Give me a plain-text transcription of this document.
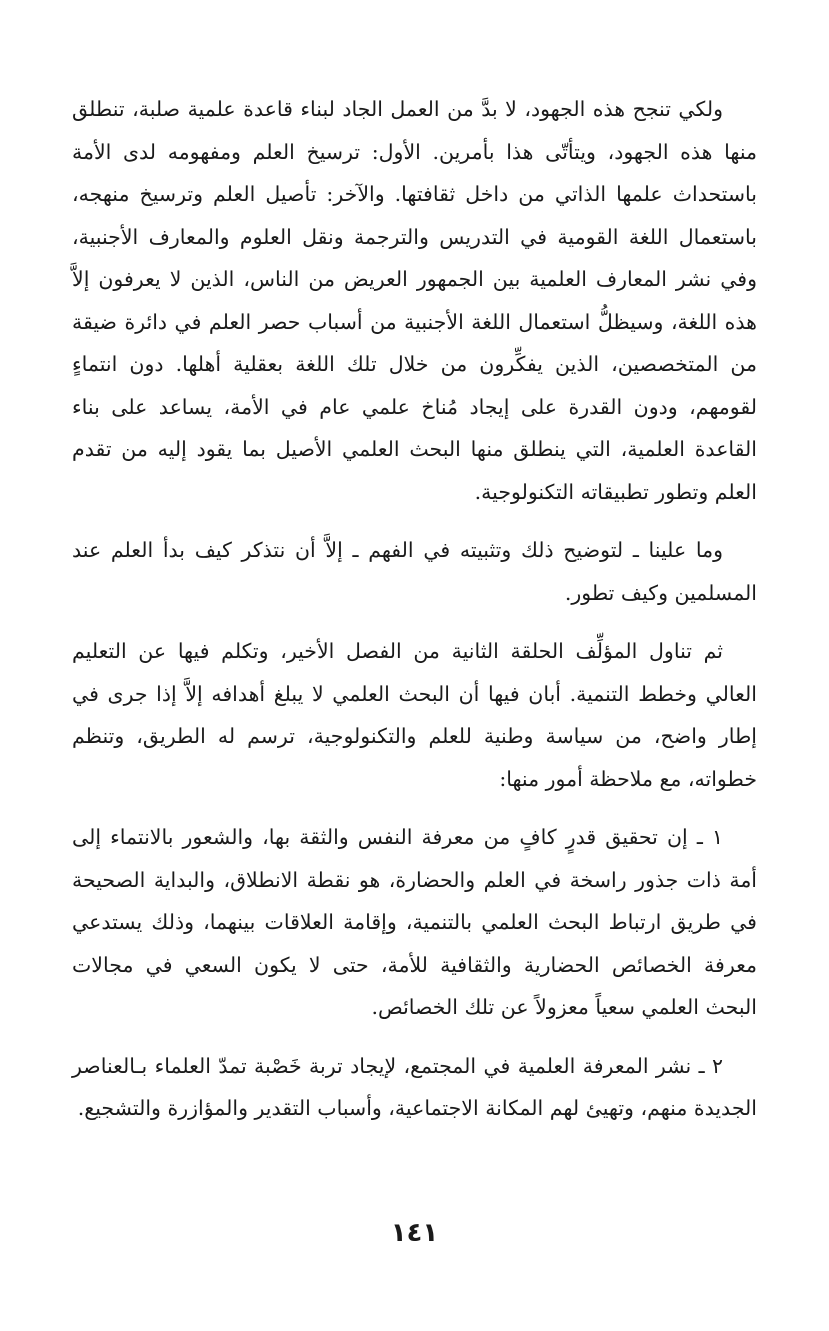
ولكي تنجح هذه الجهود، لا بدَّ من العمل الجاد لبناء قاعدة علمية صلبة، تنطلق منها هذه الجهود، ويتأتّى هذا بأمرين. الأول: ترسيخ العلم ومفهومه لدى الأمة باستحداث علمها الذاتي من داخل ثقافتها. والآخر: تأصيل العلم وترسيخ منهجه، باستعمال اللغة القومية في التدريس والترجمة ونقل العلوم والمعارف الأجنبية، وفي نشر المعارف العلمية بين الجمهور العريض من الناس، الذين لا يعرفون إلاَّ هذه اللغة، وسيظلُّ استعمال اللغة الأجنبية من أسباب حصر العلم في دائرة ضيقة من المتخصصين، الذين يفكِّرون من خلال تلك اللغة بعقلية أهلها. دون انتماءٍ لقومهم، ودون القدرة على إيجاد مُناخ علمي عام في الأمة، يساعد على بناء القاعدة العلمية، التي ينطلق منها البحث العلمي الأصيل بما يقود إليه من تقدم العلم وتطور تطبيقاته التكنولوجية.

وما علينا ـ لتوضيح ذلك وتثبيته في الفهم ـ إلاَّ أن نتذكر كيف بدأ العلم عند المسلمين وكيف تطور.

ثم تناول المؤلِّف الحلقة الثانية من الفصل الأخير، وتكلم فيها عن التعليم العالي وخطط التنمية. أبان فيها أن البحث العلمي لا يبلغ أهدافه إلاَّ إذا جرى في إطار واضح، من سياسة وطنية للعلم والتكنولوجية، ترسم له الطريق، وتنظم خطواته، مع ملاحظة أمور منها:

١ ـ إن تحقيق قدرٍ كافٍ من معرفة النفس والثقة بها، والشعور بالانتماء إلى أمة ذات جذور راسخة في العلم والحضارة، هو نقطة الانطلاق، والبداية الصحيحة في طريق ارتباط البحث العلمي بالتنمية، وإقامة العلاقات بينهما، وذلك يستدعي معرفة الخصائص الحضارية والثقافية للأمة، حتى لا يكون السعي في مجالات البحث العلمي سعياً معزولاً عن تلك الخصائص.

٢ ـ نشر المعرفة العلمية في المجتمع، لإيجاد تربة خَصْبة تمدّ العلماء بـالعناصر الجديدة منهم، وتهيئ لهم المكانة الاجتماعية، وأسباب التقدير والمؤازرة والتشجيع.

١٤١
